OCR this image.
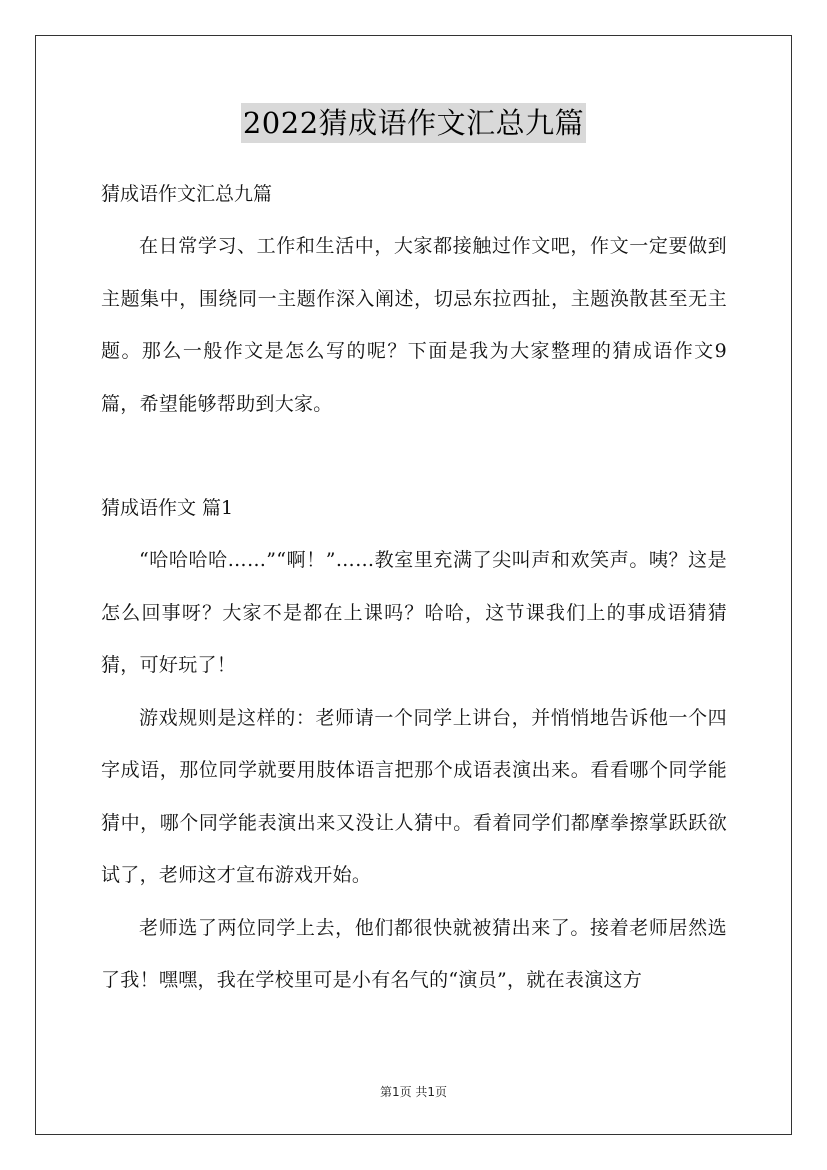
2022猜成语作文汇总九篇

猜成语作文汇总九篇

在日常学习、工作和生活中，大家都接触过作文吧，作文一定要做到主题集中，围绕同一主题作深入阐述，切忌东拉西扯，主题涣散甚至无主题。那么一般作文是怎么写的呢？下面是我为大家整理的猜成语作文9篇，希望能够帮助到大家。

猜成语作文 篇1

“哈哈哈哈……”“啊！”……教室里充满了尖叫声和欢笑声。咦？这是怎么回事呀？大家不是都在上课吗？哈哈，这节课我们上的事成语猜猜猜，可好玩了！

游戏规则是这样的：老师请一个同学上讲台，并悄悄地告诉他一个四字成语，那位同学就要用肢体语言把那个成语表演出来。看看哪个同学能猜中，哪个同学能表演出来又没让人猜中。看着同学们都摩拳擦掌跃跃欲试了，老师这才宣布游戏开始。

老师选了两位同学上去，他们都很快就被猜出来了。接着老师居然选了我！嘿嘿，我在学校里可是小有名气的“演员”，就在表演这方

第1页 共1页
